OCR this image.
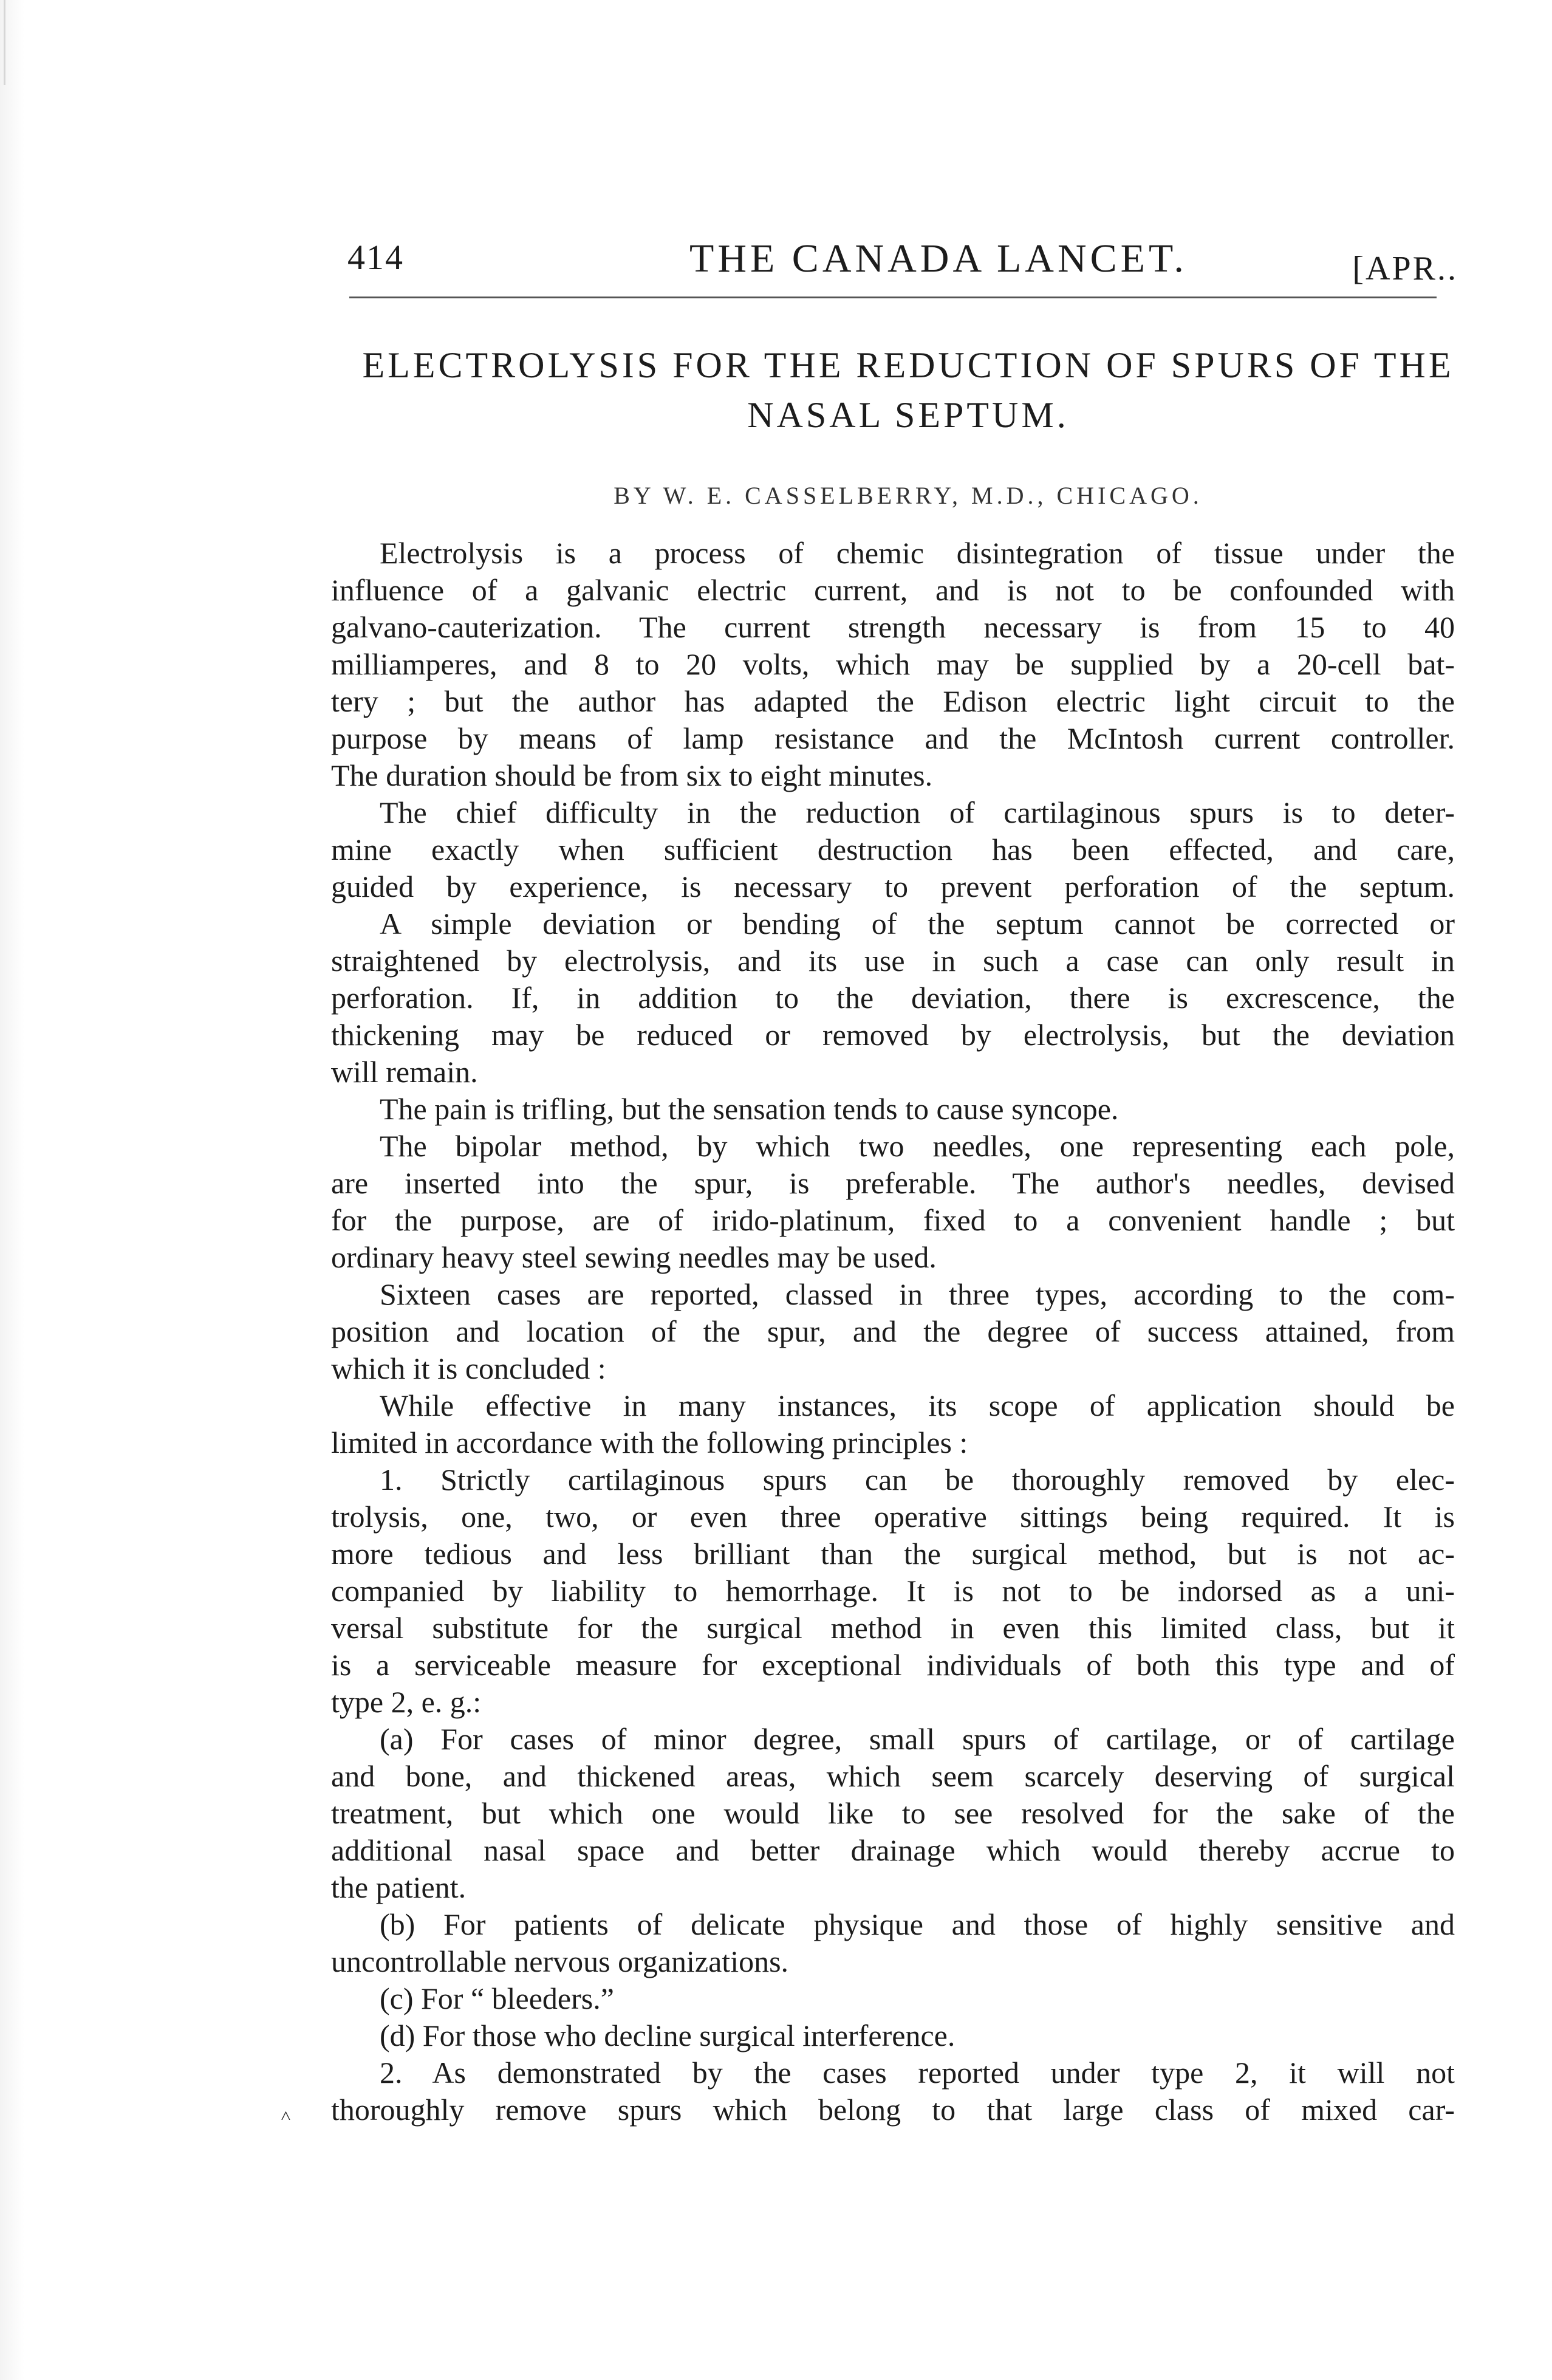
414	THE CANADA LANCET.	[APR..
ELECTROLYSIS FOR THE REDUCTION OF SPURS OF THE NASAL SEPTUM.
BY W. E. CASSELBERRY, M.D., CHICAGO.
Electrolysis is a process of chemic disintegration of tissue under the
influence of a galvanic electric current, and is not to be confounded with
galvano-cauterization. The current strength necessary is from 15 to 40
milliamperes, and 8 to 20 volts, which may be supplied by a 20-cell bat-
tery ; but the author has adapted the Edison electric light circuit to the
purpose by means of lamp resistance and the McIntosh current controller.
The duration should be from six to eight minutes.
The chief difficulty in the reduction of cartilaginous spurs is to deter-
mine exactly when sufficient destruction has been effected, and care,
guided by experience, is necessary to prevent perforation of the septum.
A simple deviation or bending of the septum cannot be corrected or
straightened by electrolysis, and its use in such a case can only result in
perforation. If, in addition to the deviation, there is excrescence, the
thickening may be reduced or removed by electrolysis, but the deviation
will remain.
The pain is trifling, but the sensation tends to cause syncope.
The bipolar method, by which two needles, one representing each pole,
are inserted into the spur, is preferable. The author's needles, devised
for the purpose, are of irido-platinum, fixed to a convenient handle ; but
ordinary heavy steel sewing needles may be used.
Sixteen cases are reported, classed in three types, according to the com-
position and location of the spur, and the degree of success attained, from
which it is concluded :
While effective in many instances, its scope of application should be
limited in accordance with the following principles :
1. Strictly cartilaginous spurs can be thoroughly removed by elec-
trolysis, one, two, or even three operative sittings being required. It is
more tedious and less brilliant than the surgical method, but is not ac-
companied by liability to hemorrhage. It is not to be indorsed as a uni-
versal substitute for the surgical method in even this limited class, but it
is a serviceable measure for exceptional individuals of both this type and of
type 2, e. g.:
(a) For cases of minor degree, small spurs of cartilage, or of cartilage
and bone, and thickened areas, which seem scarcely deserving of surgical
treatment, but which one would like to see resolved for the sake of the
additional nasal space and better drainage which would thereby accrue to
the patient.
(b) For patients of delicate physique and those of highly sensitive and
uncontrollable nervous organizations.
(c) For “ bleeders.”
(d) For those who decline surgical interference.
2. As demonstrated by the cases reported under type 2, it will not
thoroughly remove spurs which belong to that large class of mixed car-
˄
